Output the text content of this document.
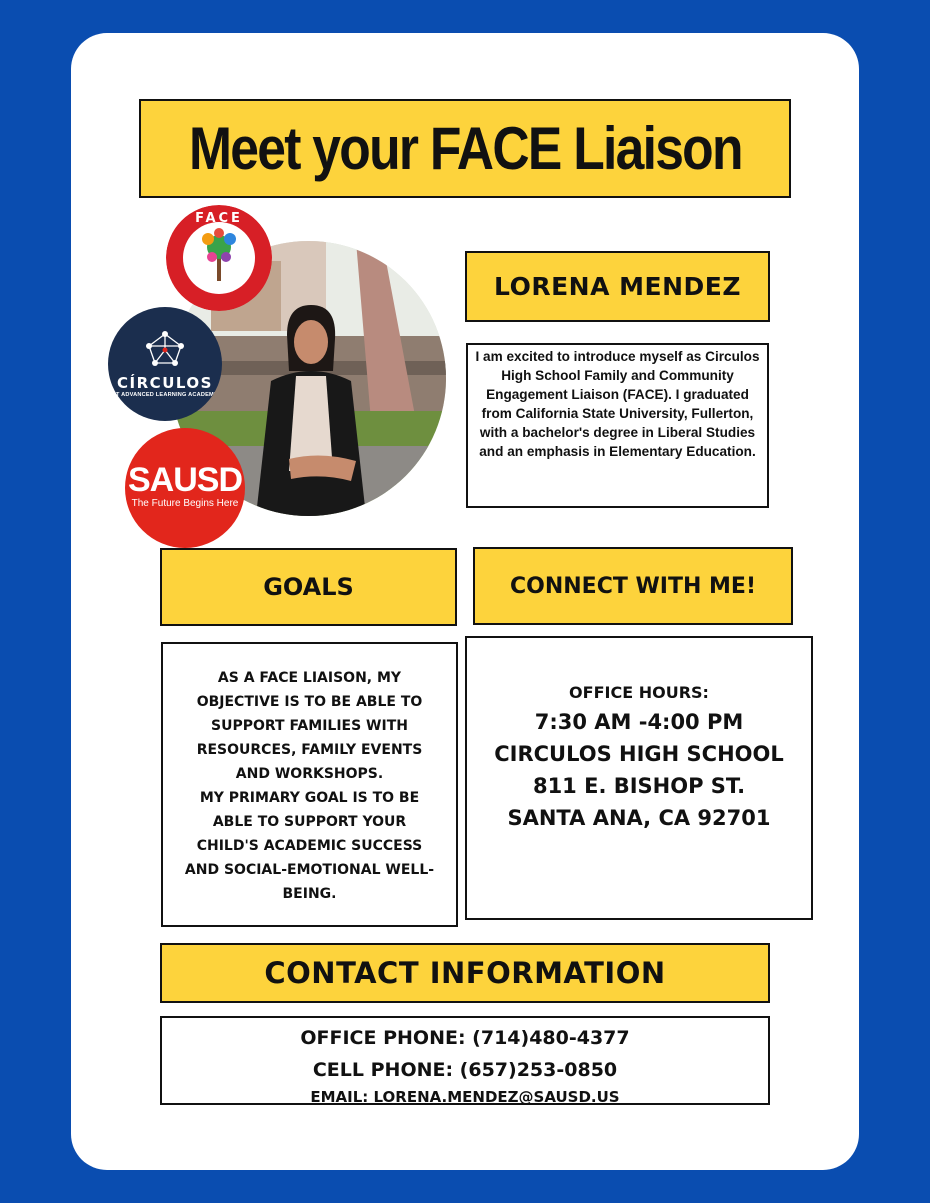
Meet your FACE Liaison
FACE
CÍRCULOS
AT ADVANCED LEARNING ACADEMY
SAUSD
The Future Begins Here
LORENA MENDEZ

I am excited to introduce myself as Circulos High School Family and Community Engagement Liaison (FACE). I graduated from California State University, Fullerton, with a bachelor's degree in Liberal Studies and an emphasis in Elementary Education.

GOALS	CONNECT WITH ME!
AS A FACE LIAISON, MY
OBJECTIVE IS TO BE ABLE TO
SUPPORT FAMILIES WITH
RESOURCES, FAMILY EVENTS
AND WORKSHOPS.
MY PRIMARY GOAL IS TO BE
ABLE TO SUPPORT YOUR
CHILD'S ACADEMIC SUCCESS
AND SOCIAL-EMOTIONAL WELL-
BEING.
OFFICE HOURS:
7:30 AM -4:00 PM
CIRCULOS HIGH SCHOOL
811 E. BISHOP ST.
SANTA ANA, CA 92701
CONTACT INFORMATION
OFFICE PHONE: (714)480-4377
CELL PHONE: (657)253-0850
EMAIL: LORENA.MENDEZ@SAUSD.US
